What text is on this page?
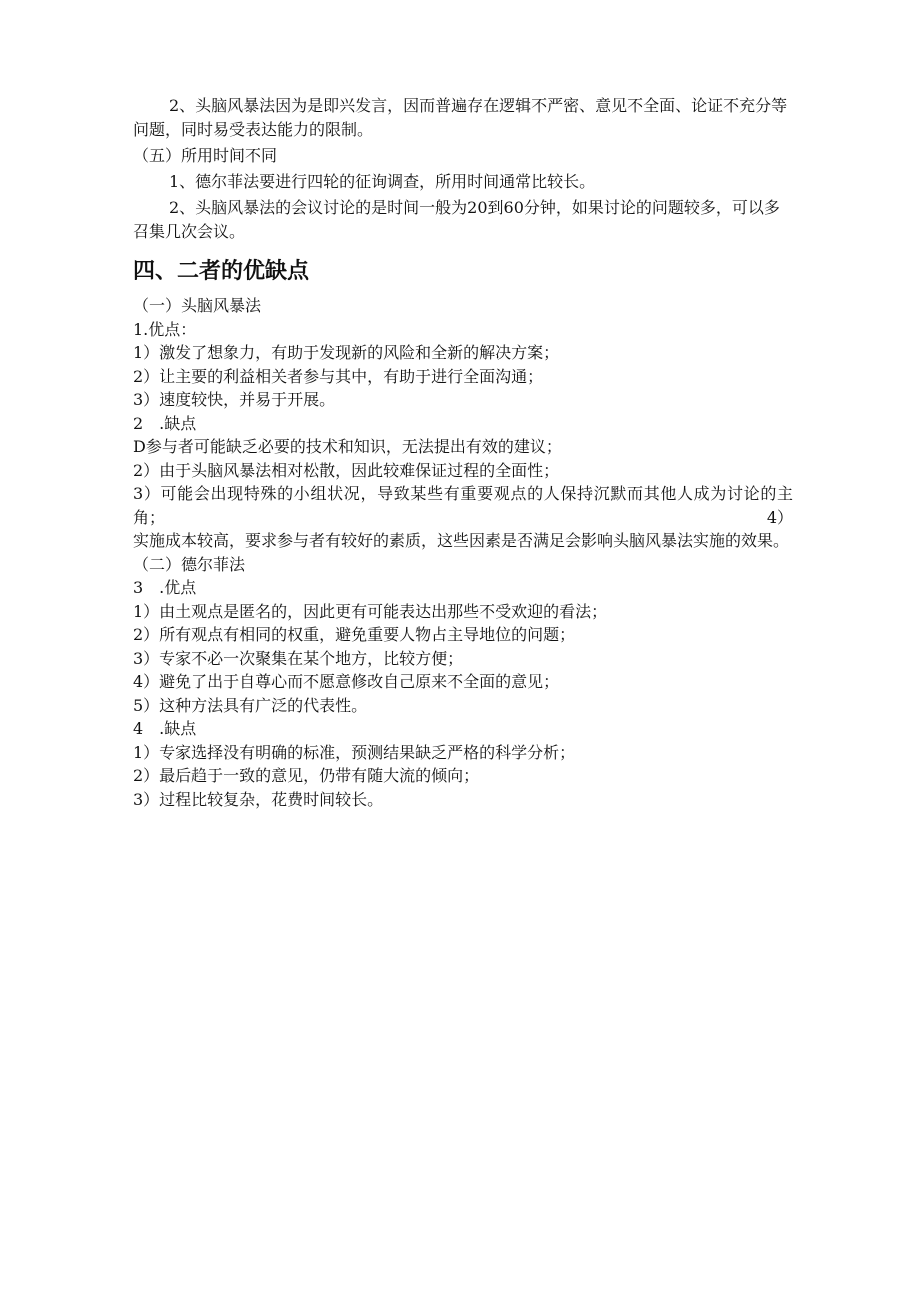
2、头脑风暴法因为是即兴发言，因而普遍存在逻辑不严密、意见不全面、论证不充分等问题，同时易受表达能力的限制。

（五）所用时间不同

1、德尔菲法要进行四轮的征询调查，所用时间通常比较长。

2、头脑风暴法的会议讨论的是时间一般为20到60分钟，如果讨论的问题较多，可以多召集几次会议。

四、二者的优缺点

（一）头脑风暴法

1.优点：

1）激发了想象力，有助于发现新的风险和全新的解决方案；

2）让主要的利益相关者参与其中，有助于进行全面沟通；

3）速度较快，并易于开展。

2　.缺点

D参与者可能缺乏必要的技术和知识，无法提出有效的建议；

2）由于头脑风暴法相对松散，因此较难保证过程的全面性；

3）可能会出现特殊的小组状况，导致某些有重要观点的人保持沉默而其他人成为讨论的主角；	4）

实施成本较高，要求参与者有较好的素质，这些因素是否满足会影响头脑风暴法实施的效果。

（二）德尔菲法

3　.优点

1）由土观点是匿名的，因此更有可能表达出那些不受欢迎的看法；

2）所有观点有相同的权重，避免重要人物占主导地位的问题；

3）专家不必一次聚集在某个地方，比较方便；

4）避免了出于自尊心而不愿意修改自己原来不全面的意见；

5）这种方法具有广泛的代表性。

4　.缺点

1）专家选择没有明确的标准，预测结果缺乏严格的科学分析；

2）最后趋于一致的意见，仍带有随大流的倾向；

3）过程比较复杂，花费时间较长。
